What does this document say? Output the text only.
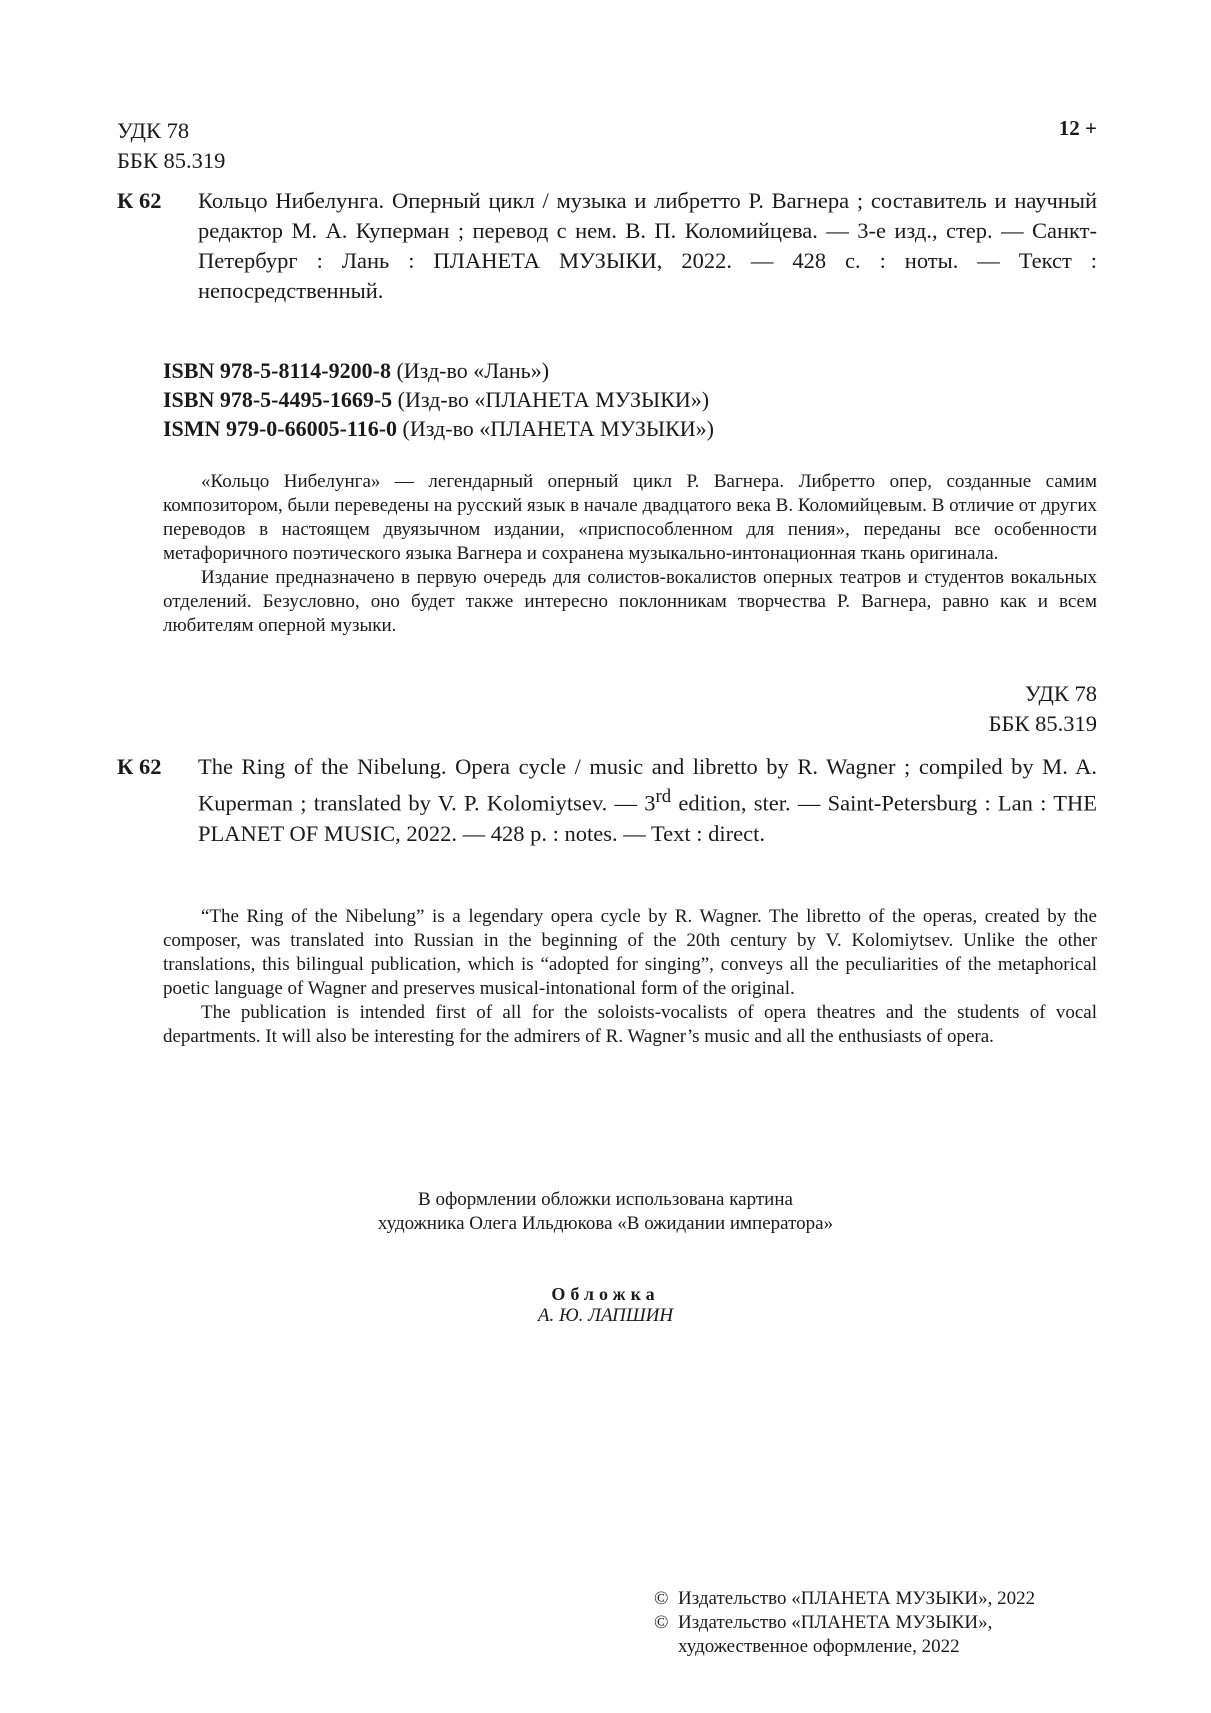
УДК 78
ББК 85.319
12 +
К 62 Кольцо Нибелунга. Оперный цикл / музыка и либретто Р. Вагнера ; составитель и научный редактор М. А. Куперман ; перевод с нем. В. П. Коломийцева. — 3-е изд., стер. — Санкт-Петербург : Лань : ПЛАНЕТА МУЗЫКИ, 2022. — 428 с. : ноты. — Текст : непосредственный.
ISBN 978-5-8114-9200-8 (Изд-во «Лань»)
ISBN 978-5-4495-1669-5 (Изд-во «ПЛАНЕТА МУЗЫКИ»)
ISMN 979-0-66005-116-0 (Изд-во «ПЛАНЕТА МУЗЫКИ»)

«Кольцо Нибелунга» — легендарный оперный цикл Р. Вагнера. Либретто опер, созданные самим композитором, были переведены на русский язык в начале двадцатого века В. Коломийцевым. В отличие от других переводов в настоящем двуязычном издании, «приспособленном для пения», переданы все особенности метафоричного поэтического языка Вагнера и сохранена музыкально-интонационная ткань оригинала.

Издание предназначено в первую очередь для солистов-вокалистов оперных театров и студентов вокальных отделений. Безусловно, оно будет также интересно поклонникам творчества Р. Вагнера, равно как и всем любителям оперной музыки.

УДК 78
ББК 85.319
К 62 The Ring of the Nibelung. Opera cycle / music and libretto by R. Wagner ; compiled by M. A. Kuperman ; translated by V. P. Kolomiytsev. — 3rd edition, ster. — Saint-Petersburg : Lan : THE PLANET OF MUSIC, 2022. — 428 p. : notes. — Text : direct.

“The Ring of the Nibelung” is a legendary opera cycle by R. Wagner. The libretto of the operas, created by the composer, was translated into Russian in the beginning of the 20th century by V. Kolomiytsev. Unlike the other translations, this bilingual publication, which is “adopted for singing”, conveys all the peculiarities of the metaphorical poetic language of Wagner and preserves musical-intonational form of the original.

The publication is intended first of all for the soloists-vocalists of opera theatres and the students of vocal departments. It will also be interesting for the admirers of R. Wagner’s music and all the enthusiasts of opera.

В оформлении обложки использована картина
художника Олега Ильдюкова «В ожидании императора»
Обложка
А. Ю. ЛАПШИН
© Издательство «ПЛАНЕТА МУЗЫКИ», 2022
© Издательство «ПЛАНЕТА МУЗЫКИ»,
художественное оформление, 2022
